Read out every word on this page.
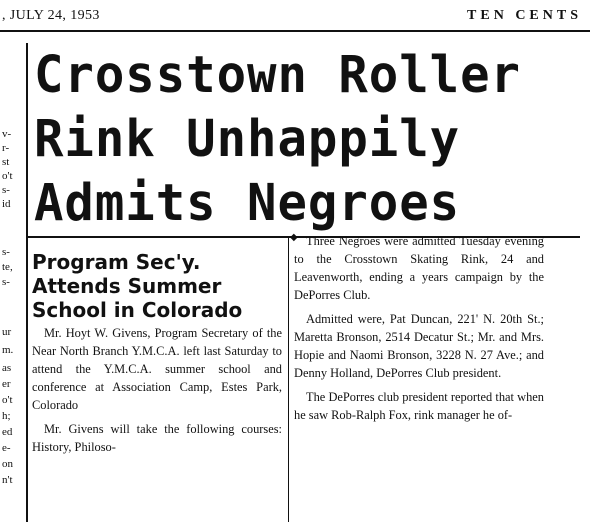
, JULY 24, 1953	TEN CENTS
v-
r-
st
o't
s-
id
s-
te,
s-
ur
m.
as
er
o't
h;
ed
e-
on
n't
Crosstown Roller
Rink Unhappily
Admits Negroes
◆
Program Sec'y.
Attends Summer
School in Colorado

Mr. Hoyt W. Givens, Program Secretary of the Near North Branch Y.M.C.A. left last Saturday to attend the Y.M.C.A. summer school and conference at Association Camp, Estes Park, Colorado

Mr. Givens will take the following courses: History, Philoso-

Three Negroes were admitted Tuesday evening to the Crosstown Skating Rink, 24 and Leavenworth, ending a years campaign by the DePorres Club.

Admitted were, Pat Duncan, 221' N. 20th St.; Maretta Bronson, 2514 Decatur St.; Mr. and Mrs. Hopie and Naomi Bronson, 3228 N. 27 Ave.; and Denny Holland, DePorres Club president.

The DePorres club president reported that when he saw Rob-Ralph Fox, rink manager he of-
